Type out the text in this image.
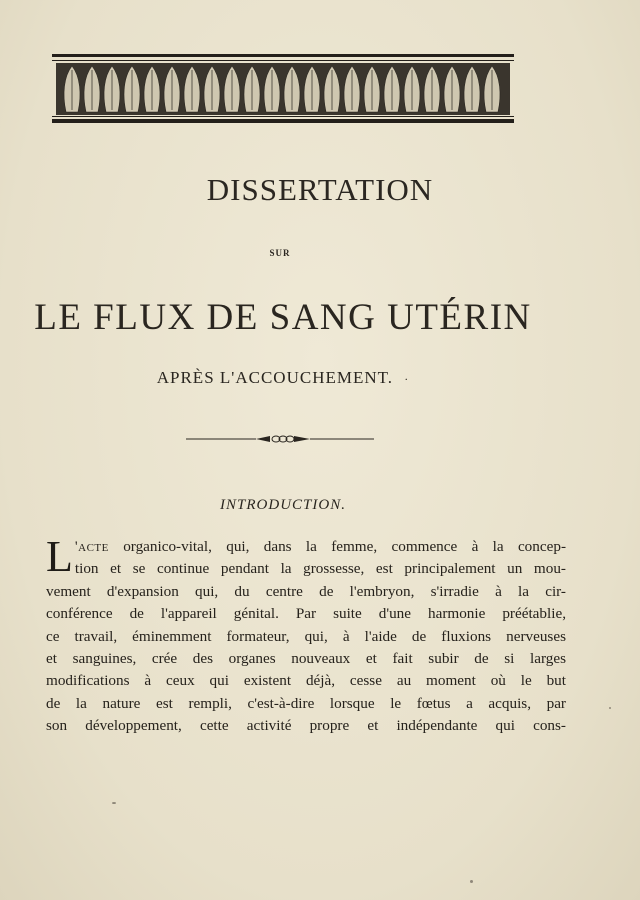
DISSERTATION
SUR
LE FLUX DE SANG UTÉRIN
APRÈS L'ACCOUCHEMENT. ·
INTRODUCTION.
L 'acte organico-vital, qui, dans la femme, commence à la concep-
tion et se continue pendant la grossesse, est principalement un mou-
vement d'expansion qui, du centre de l'embryon, s'irradie à la cir-
conférence de l'appareil génital. Par suite d'une harmonie préétablie,
ce travail, éminemment formateur, qui, à l'aide de fluxions nerveuses
et sanguines, crée des organes nouveaux et fait subir de si larges
modifications à ceux qui existent déjà, cesse au moment où le but
de la nature est rempli, c'est-à-dire lorsque le fœtus a acquis, par
son développement, cette activité propre et indépendante qui cons-
